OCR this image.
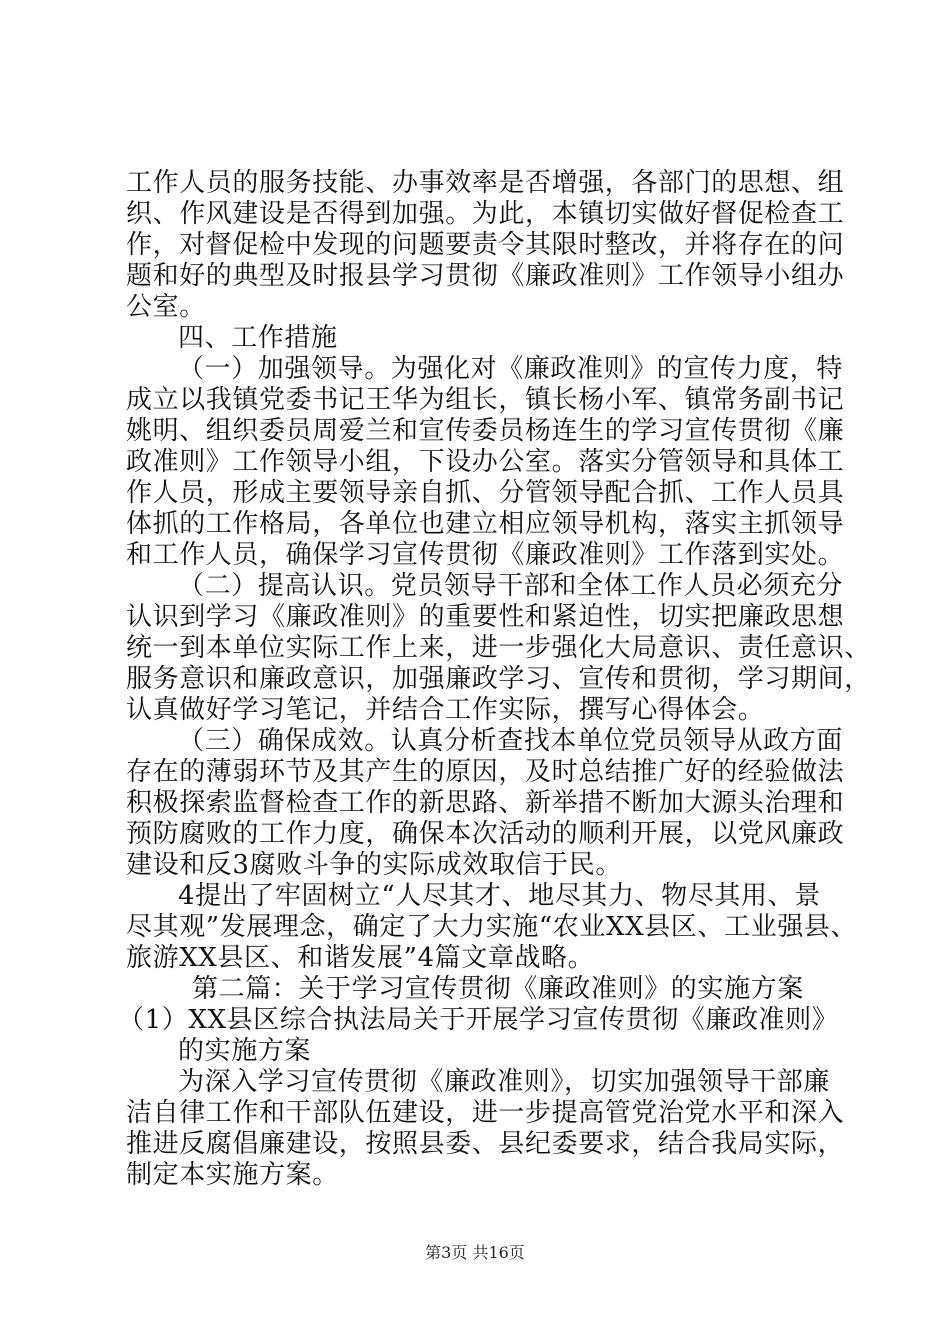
工作人员的服务技能、办事效率是否增强，各部门的思想、组
织、作风建设是否得到加强。为此，本镇切实做好督促检查工
作，对督促检中发现的问题要责令其限时整改，并将存在的问
题和好的典型及时报县学习贯彻《廉政准则》工作领导小组办
公室。
四、工作措施
（一）加强领导。为强化对《廉政准则》的宣传力度，特
成立以我镇党委书记王华为组长，镇长杨小军、镇常务副书记
姚明、组织委员周爱兰和宣传委员杨连生的学习宣传贯彻《廉
政准则》工作领导小组，下设办公室。落实分管领导和具体工
作人员，形成主要领导亲自抓、分管领导配合抓、工作人员具
体抓的工作格局，各单位也建立相应领导机构，落实主抓领导
和工作人员，确保学习宣传贯彻《廉政准则》工作落到实处。
（二）提高认识。党员领导干部和全体工作人员必须充分
认识到学习《廉政准则》的重要性和紧迫性，切实把廉政思想
统一到本单位实际工作上来，进一步强化大局意识、责任意识、
服务意识和廉政意识，加强廉政学习、宣传和贯彻，学习期间，
认真做好学习笔记，并结合工作实际，撰写心得体会。
（三）确保成效。认真分析查找本单位党员领导从政方面
存在的薄弱环节及其产生的原因，及时总结推广好的经验做法
积极探索监督检查工作的新思路、新举措不断加大源头治理和
预防腐败的工作力度，确保本次活动的顺利开展，以党风廉政
建设和反3腐败斗争的实际成效取信于民。
4提出了牢固树立“人尽其才、地尽其力、物尽其用、景
尽其观”发展理念，确定了大力实施“农业XX县区、工业强县、
旅游XX县区、和谐发展”4篇文章战略。
第二篇：关于学习宣传贯彻《廉政准则》的实施方案
（1）XX县区综合执法局关于开展学习宣传贯彻《廉政准则》
的实施方案
为深入学习宣传贯彻《廉政准则》，切实加强领导干部廉
洁自律工作和干部队伍建设，进一步提高管党治党水平和深入
推进反腐倡廉建设，按照县委、县纪委要求，结合我局实际，
制定本实施方案。
第3页 共16页
